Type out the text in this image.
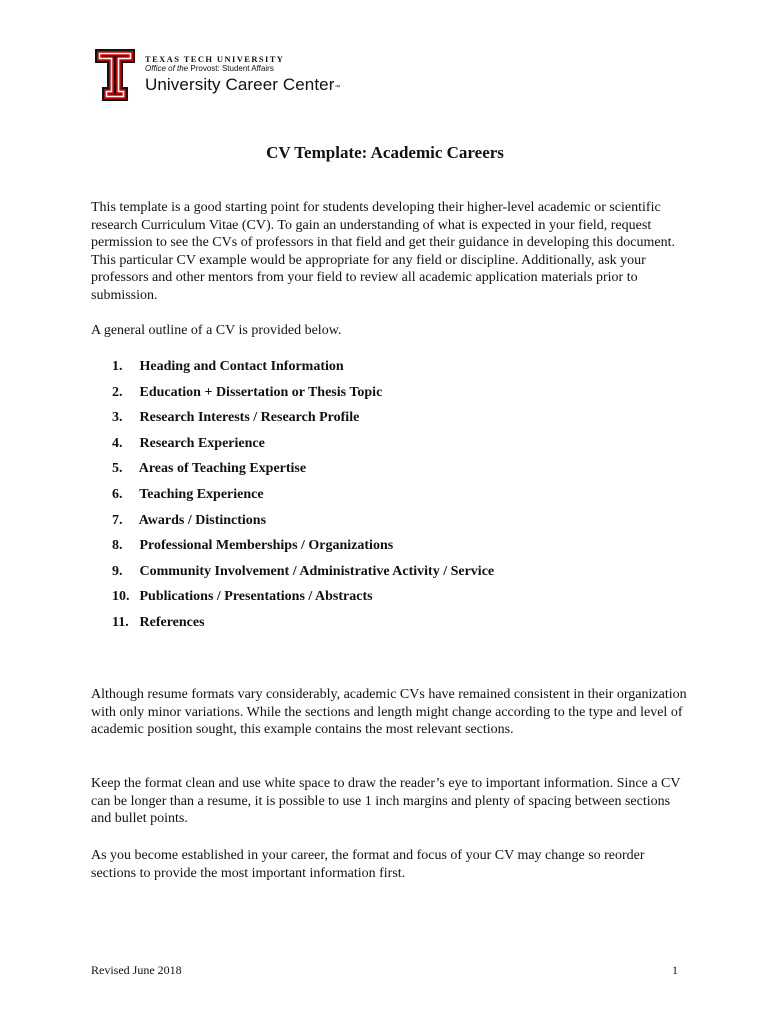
TEXAS TECH UNIVERSITY
Office of the Provost: Student Affairs
University Career Center™
CV Template: Academic Careers

This template is a good starting point for students developing their higher-level academic or scientific research Curriculum Vitae (CV). To gain an understanding of what is expected in your field, request permission to see the CVs of professors in that field and get their guidance in developing this document. This particular CV example would be appropriate for any field or discipline. Additionally, ask your professors and other mentors from your field to review all academic application materials prior to submission.

A general outline of a CV is provided below.

1. Heading and Contact Information
2. Education + Dissertation or Thesis Topic
3. Research Interests / Research Profile
4. Research Experience
5. Areas of Teaching Expertise
6. Teaching Experience
7. Awards / Distinctions
8. Professional Memberships / Organizations
9. Community Involvement / Administrative Activity / Service
10. Publications / Presentations / Abstracts
11. References

Although resume formats vary considerably, academic CVs have remained consistent in their organization with only minor variations. While the sections and length might change according to the type and level of academic position sought, this example contains the most relevant sections.

Keep the format clean and use white space to draw the reader’s eye to important information. Since a CV can be longer than a resume, it is possible to use 1 inch margins and plenty of spacing between sections and bullet points.

As you become established in your career, the format and focus of your CV may change so reorder sections to provide the most important information first.

Revised June 2018	1
